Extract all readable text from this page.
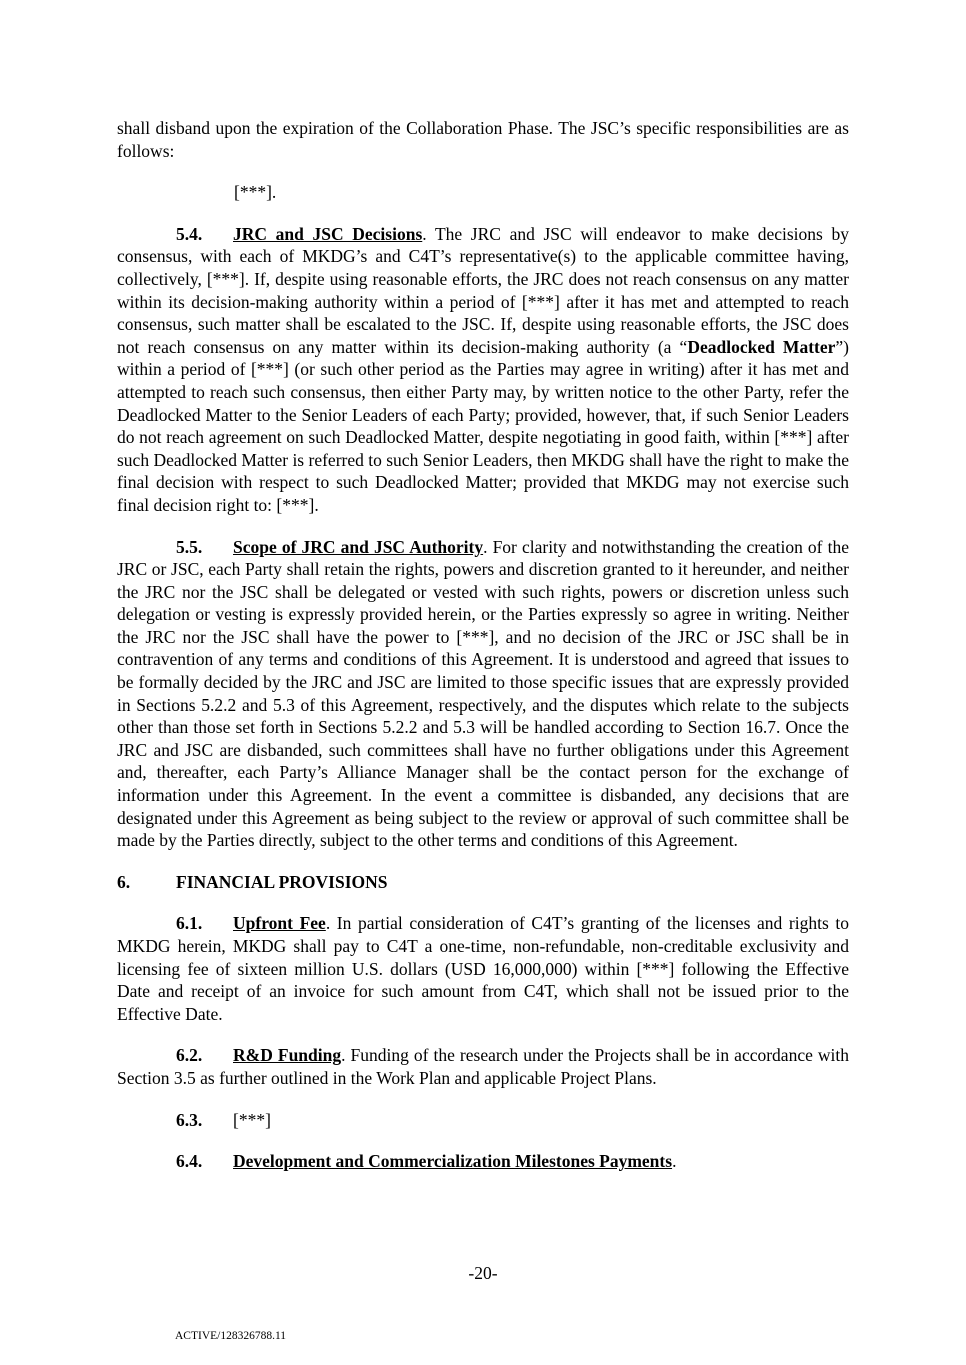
shall disband upon the expiration of the Collaboration Phase. The JSC’s specific responsibilities are as follows:

[***].

5.4. JRC and JSC Decisions. The JRC and JSC will endeavor to make decisions by consensus, with each of MKDG’s and C4T’s representative(s) to the applicable committee having, collectively, [***]. If, despite using reasonable efforts, the JRC does not reach consensus on any matter within its decision-making authority within a period of [***] after it has met and attempted to reach consensus, such matter shall be escalated to the JSC. If, despite using reasonable efforts, the JSC does not reach consensus on any matter within its decision-making authority (a “Deadlocked Matter”) within a period of [***] (or such other period as the Parties may agree in writing) after it has met and attempted to reach such consensus, then either Party may, by written notice to the other Party, refer the Deadlocked Matter to the Senior Leaders of each Party; provided, however, that, if such Senior Leaders do not reach agreement on such Deadlocked Matter, despite negotiating in good faith, within [***] after such Deadlocked Matter is referred to such Senior Leaders, then MKDG shall have the right to make the final decision with respect to such Deadlocked Matter; provided that MKDG may not exercise such final decision right to: [***].

5.5. Scope of JRC and JSC Authority. For clarity and notwithstanding the creation of the JRC or JSC, each Party shall retain the rights, powers and discretion granted to it hereunder, and neither the JRC nor the JSC shall be delegated or vested with such rights, powers or discretion unless such delegation or vesting is expressly provided herein, or the Parties expressly so agree in writing. Neither the JRC nor the JSC shall have the power to [***], and no decision of the JRC or JSC shall be in contravention of any terms and conditions of this Agreement. It is understood and agreed that issues to be formally decided by the JRC and JSC are limited to those specific issues that are expressly provided in Sections 5.2.2 and 5.3 of this Agreement, respectively, and the disputes which relate to the subjects other than those set forth in Sections 5.2.2 and 5.3 will be handled according to Section 16.7. Once the JRC and JSC are disbanded, such committees shall have no further obligations under this Agreement and, thereafter, each Party’s Alliance Manager shall be the contact person for the exchange of information under this Agreement. In the event a committee is disbanded, any decisions that are designated under this Agreement as being subject to the review or approval of such committee shall be made by the Parties directly, subject to the other terms and conditions of this Agreement.

6.	FINANCIAL PROVISIONS

6.1. Upfront Fee. In partial consideration of C4T’s granting of the licenses and rights to MKDG herein, MKDG shall pay to C4T a one-time, non-refundable, non-creditable exclusivity and licensing fee of sixteen million U.S. dollars (USD 16,000,000) within [***] following the Effective Date and receipt of an invoice for such amount from C4T, which shall not be issued prior to the Effective Date.

6.2. R&D Funding. Funding of the research under the Projects shall be in accordance with Section 3.5 as further outlined in the Work Plan and applicable Project Plans.

6.3. [***]

6.4. Development and Commercialization Milestones Payments.

-20-
ACTIVE/128326788.11
